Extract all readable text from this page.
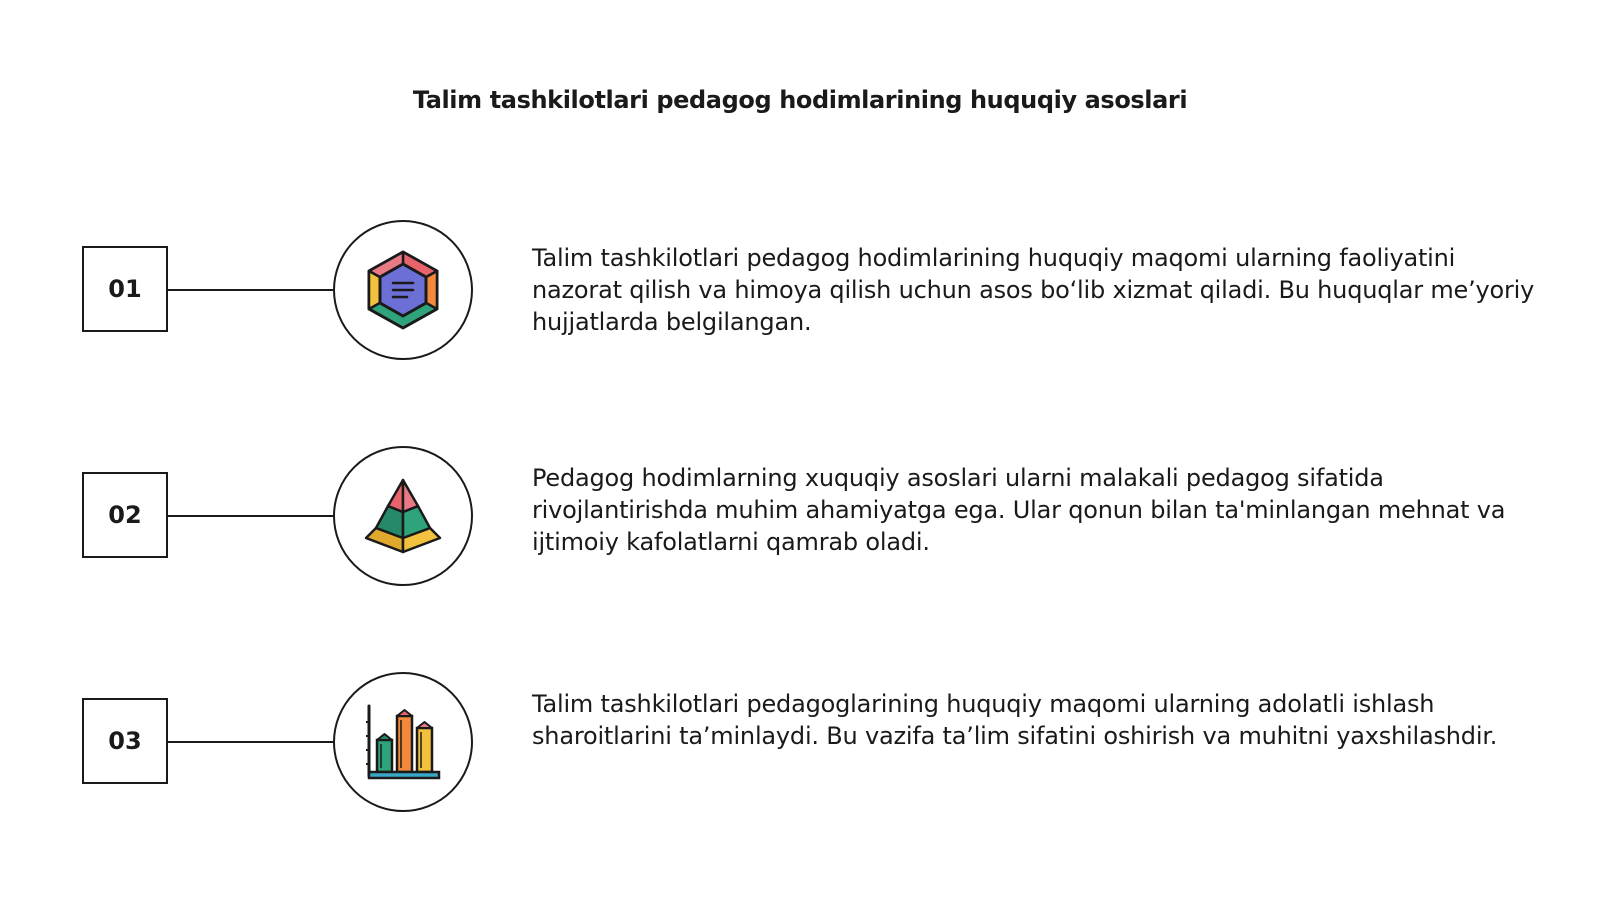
Talim tashkilotlari pedagog hodimlarining huquqiy asoslari
01
Talim tashkilotlari pedagog hodimlarining huquqiy maqomi ularning faoliyatini nazorat qilish va himoya qilish uchun asos bo‘lib xizmat qiladi. Bu huquqlar me’yoriy hujjatlarda belgilangan.
02
Pedagog hodimlarning xuquqiy asoslari ularni malakali pedagog sifatida rivojlantirishda muhim ahamiyatga ega. Ular qonun bilan ta'minlangan mehnat va ijtimoiy kafolatlarni qamrab oladi.
03
Talim tashkilotlari pedagoglarining huquqiy maqomi ularning adolatli ishlash sharoitlarini ta’minlaydi. Bu vazifa ta’lim sifatini oshirish va muhitni yaxshilashdir.
